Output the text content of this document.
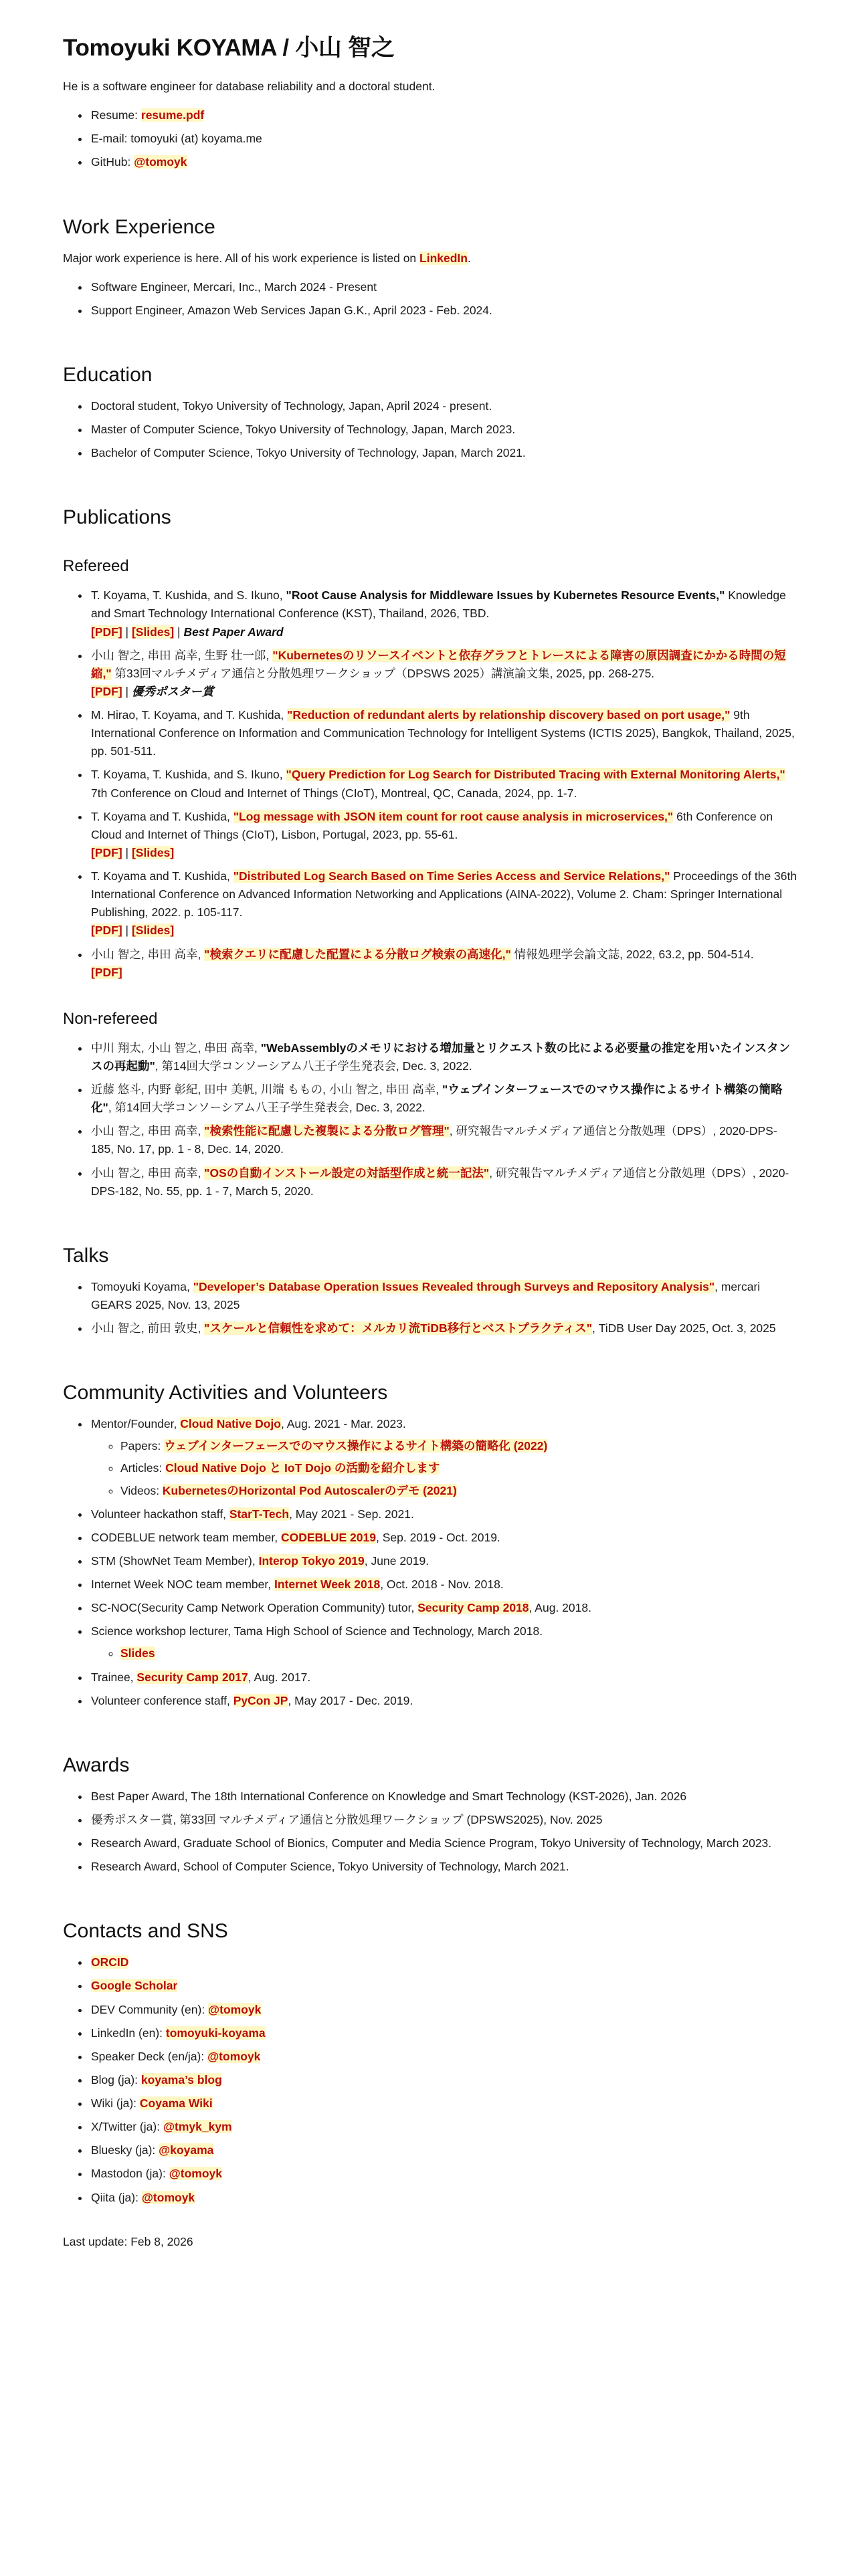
Tomoyuki KOYAMA / 小山 智之

He is a software engineer for database reliability and a doctoral student.

• Resume: resume.pdf
• E-mail: tomoyuki (at) koyama.me
• GitHub: @tomoyk
Work Experience

Major work experience is here. All of his work experience is listed on LinkedIn.

• Software Engineer, Mercari, Inc., March 2024 - Present
• Support Engineer, Amazon Web Services Japan G.K., April 2023 - Feb. 2024.
Education
• Doctoral student, Tokyo University of Technology, Japan, April 2024 - present.
• Master of Computer Science, Tokyo University of Technology, Japan, March 2023.
• Bachelor of Computer Science, Tokyo University of Technology, Japan, March 2021.
Publications
Refereed
• T. Koyama, T. Kushida, and S. Ikuno, "Root Cause Analysis for Middleware Issues by Kubernetes Resource Events," Knowledge and Smart Technology International Conference (KST), Thailand, 2026, TBD.
[PDF] | [Slides] | Best Paper Award
• 小山 智之, 串田 高幸, 生野 壮一郎, "Kubernetesのリソースイベントと依存グラフとトレースによる障害の原因調査にかかる時間の短縮," 第33回マルチメディア通信と分散処理ワークショップ（DPSWS 2025）講演論文集, 2025, pp. 268-275.
[PDF] | 優秀ポスター賞
• M. Hirao, T. Koyama, and T. Kushida, "Reduction of redundant alerts by relationship discovery based on port usage," 9th International Conference on Information and Communication Technology for Intelligent Systems (ICTIS 2025), Bangkok, Thailand, 2025, pp. 501-511.
• T. Koyama, T. Kushida, and S. Ikuno, "Query Prediction for Log Search for Distributed Tracing with External Monitoring Alerts," 7th Conference on Cloud and Internet of Things (CIoT), Montreal, QC, Canada, 2024, pp. 1-7.
• T. Koyama and T. Kushida, "Log message with JSON item count for root cause analysis in microservices," 6th Conference on Cloud and Internet of Things (CIoT), Lisbon, Portugal, 2023, pp. 55-61.
[PDF] | [Slides]
• T. Koyama and T. Kushida, "Distributed Log Search Based on Time Series Access and Service Relations," Proceedings of the 36th International Conference on Advanced Information Networking and Applications (AINA-2022), Volume 2. Cham: Springer International Publishing, 2022. p. 105-117.
[PDF] | [Slides]
• 小山 智之, 串田 高幸, "検索クエリに配慮した配置による分散ログ検索の高速化," 情報処理学会論文誌, 2022, 63.2, pp. 504-514.
[PDF]
Non-refereed
• 中川 翔太, 小山 智之, 串田 高幸, "WebAssemblyのメモリにおける増加量とリクエスト数の比による必要量の推定を用いたインスタンスの再起動", 第14回大学コンソーシアム八王子学生発表会, Dec. 3, 2022.
• 近藤 悠斗, 内野 彰紀, 田中 美帆, 川端 ももの, 小山 智之, 串田 高幸, "ウェブインターフェースでのマウス操作によるサイト構築の簡略化", 第14回大学コンソーシアム八王子学生発表会, Dec. 3, 2022.
• 小山 智之, 串田 高幸, "検索性能に配慮した複製による分散ログ管理", 研究報告マルチメディア通信と分散処理（DPS）, 2020-DPS-185, No. 17, pp. 1 - 8, Dec. 14, 2020.
• 小山 智之, 串田 高幸, "OSの自動インストール設定の対話型作成と統一記法", 研究報告マルチメディア通信と分散処理（DPS）, 2020-DPS-182, No. 55, pp. 1 - 7, March 5, 2020.
Talks
• Tomoyuki Koyama, "Developer’s Database Operation Issues Revealed through Surveys and Repository Analysis", mercari GEARS 2025, Nov. 13, 2025
• 小山 智之, 前田 敦史, "スケールと信頼性を求めて：メルカリ流TiDB移行とベストプラクティス", TiDB User Day 2025, Oct. 3, 2025
Community Activities and Volunteers
• Mentor/Founder, Cloud Native Dojo, Aug. 2021 - Mar. 2023.
◦ Papers: ウェブインターフェースでのマウス操作によるサイト構築の簡略化 (2022)
◦ Articles: Cloud Native Dojo と IoT Dojo の活動を紹介します
◦ Videos: KubernetesのHorizontal Pod Autoscalerのデモ (2021)
• Volunteer hackathon staff, StarT-Tech, May 2021 - Sep. 2021.
• CODEBLUE network team member, CODEBLUE 2019, Sep. 2019 - Oct. 2019.
• STM (ShowNet Team Member), Interop Tokyo 2019, June 2019.
• Internet Week NOC team member, Internet Week 2018, Oct. 2018 - Nov. 2018.
• SC-NOC(Security Camp Network Operation Community) tutor, Security Camp 2018, Aug. 2018.
• Science workshop lecturer, Tama High School of Science and Technology, March 2018.
◦ Slides
• Trainee, Security Camp 2017, Aug. 2017.
• Volunteer conference staff, PyCon JP, May 2017 - Dec. 2019.
Awards
• Best Paper Award, The 18th International Conference on Knowledge and Smart Technology (KST-2026), Jan. 2026
• 優秀ポスター賞, 第33回 マルチメディア通信と分散処理ワークショップ (DPSWS2025), Nov. 2025
• Research Award, Graduate School of Bionics, Computer and Media Science Program, Tokyo University of Technology, March 2023.
• Research Award, School of Computer Science, Tokyo University of Technology, March 2021.
Contacts and SNS
• ORCID
• Google Scholar
• DEV Community (en): @tomoyk
• LinkedIn (en): tomoyuki-koyama
• Speaker Deck (en/ja): @tomoyk
• Blog (ja): koyama’s blog
• Wiki (ja): Coyama Wiki
• X/Twitter (ja): @tmyk_kym
• Bluesky (ja): @koyama
• Mastodon (ja): @tomoyk
• Qiita (ja): @tomoyk

Last update: Feb 8, 2026
